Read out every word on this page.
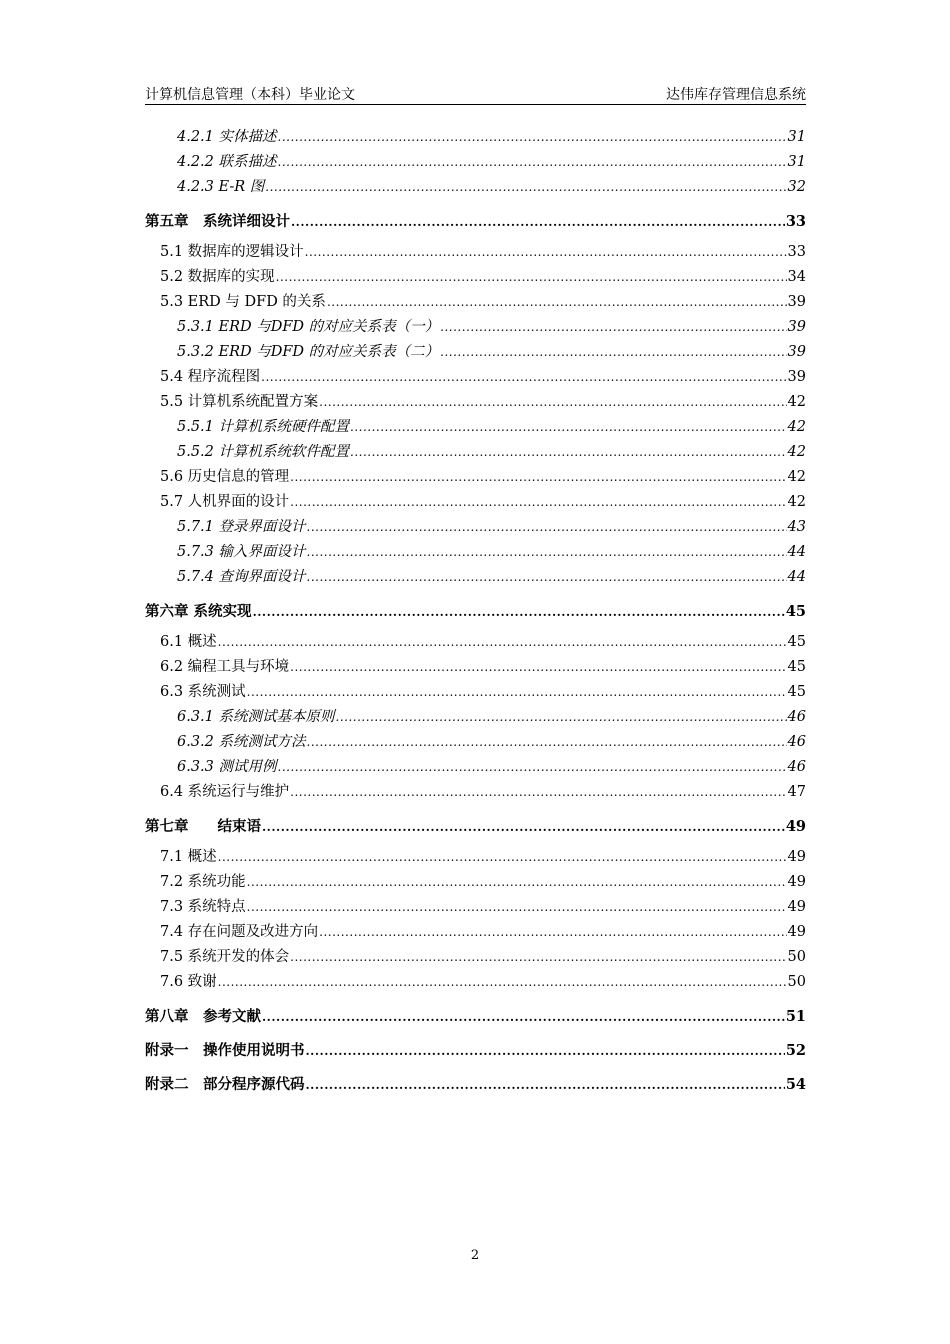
计算机信息管理（本科）毕业论文	达伟库存管理信息系统
4.2.1 实体描述 .....	31
4.2.2 联系描述 .....	31
4.2.3 E-R 图 .....	32
第五章　系统详细设计 .....	33
5.1 数据库的逻辑设计 .....	33
5.2 数据库的实现 .....	34
5.3 ERD 与 DFD 的关系 .....	39
5.3.1 ERD 与DFD 的对应关系表（一） .....	39
5.3.2 ERD 与DFD 的对应关系表（二） .....	39
5.4 程序流程图 .....	39
5.5 计算机系统配置方案 .....	42
5.5.1 计算机系统硬件配置 .....	42
5.5.2 计算机系统软件配置 .....	42
5.6 历史信息的管理 .....	42
5.7 人机界面的设计 .....	42
5.7.1 登录界面设计 .....	43
5.7.3 输入界面设计 .....	44
5.7.4 查询界面设计 .....	44
第六章 系统实现 .....	45
6.1 概述 .....	45
6.2 编程工具与环境 .....	45
6.3 系统测试 .....	45
6.3.1 系统测试基本原则 .....	46
6.3.2 系统测试方法 .....	46
6.3.3 测试用例 .....	46
6.4 系统运行与维护 .....	47
第七章　　结束语 .....	49
7.1 概述 .....	49
7.2 系统功能 .....	49
7.3 系统特点 .....	49
7.4 存在问题及改进方向 .....	49
7.5 系统开发的体会 .....	50
7.6 致谢 .....	50
第八章　参考文献 .....	51
附录一　操作使用说明书 .....	52
附录二　部分程序源代码 .....	54
2
